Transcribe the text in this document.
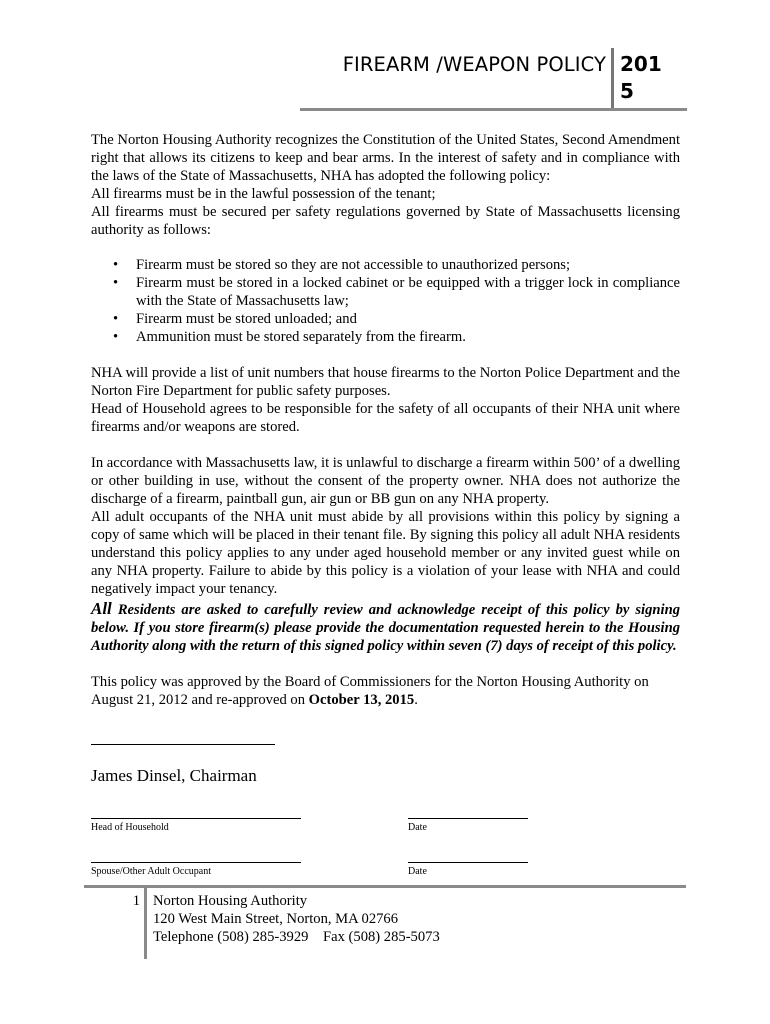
FIREARM /WEAPON POLICY 2015

The Norton Housing Authority recognizes the Constitution of the United States, Second Amendment right that allows its citizens to keep and bear arms. In the interest of safety and in compliance with the laws of the State of Massachusetts, NHA has adopted the following policy:

All firearms must be in the lawful possession of the tenant;

All firearms must be secured per safety regulations governed by State of Massachusetts licensing authority as follows:

• Firearm must be stored so they are not accessible to unauthorized persons;
• Firearm must be stored in a locked cabinet or be equipped with a trigger lock in compliance with the State of Massachusetts law;
• Firearm must be stored unloaded; and
• Ammunition must be stored separately from the firearm.

NHA will provide a list of unit numbers that house firearms to the Norton Police Department and the Norton Fire Department for public safety purposes.

Head of Household agrees to be responsible for the safety of all occupants of their NHA unit where firearms and/or weapons are stored.

In accordance with Massachusetts law, it is unlawful to discharge a firearm within 500’ of a dwelling or other building in use, without the consent of the property owner. NHA does not authorize the discharge of a firearm, paintball gun, air gun or BB gun on any NHA property.

All adult occupants of the NHA unit must abide by all provisions within this policy by signing a copy of same which will be placed in their tenant file. By signing this policy all adult NHA residents understand this policy applies to any under aged household member or any invited guest while on any NHA property. Failure to abide by this policy is a violation of your lease with NHA and could negatively impact your tenancy.

All Residents are asked to carefully review and acknowledge receipt of this policy by signing below. If you store firearm(s) please provide the documentation requested herein to the Housing Authority along with the return of this signed policy within seven (7) days of receipt of this policy.

This policy was approved by the Board of Commissioners for the Norton Housing Authority on August 21, 2012 and re-approved on October 13, 2015.

James Dinsel, Chairman
Head of Household	Date
Spouse/Other Adult Occupant	Date
1 Norton Housing Authority
120 West Main Street, Norton, MA 02766
Telephone (508) 285-3929    Fax (508) 285-5073
